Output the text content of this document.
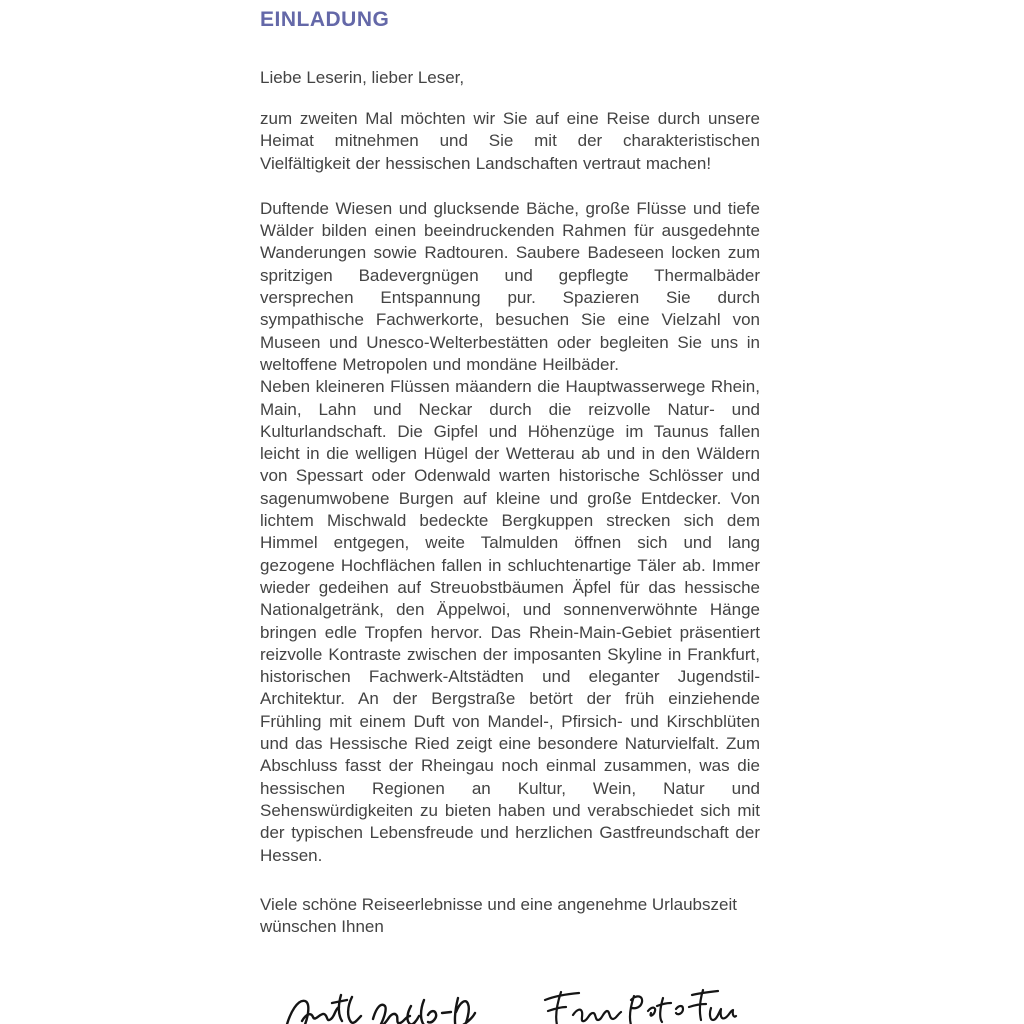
EINLADUNG

Liebe Leserin, lieber Leser,

zum zweiten Mal möchten wir Sie auf eine Reise durch unsere Heimat mitnehmen und Sie mit der charakteristischen Vielfältigkeit der hessischen Landschaften vertraut machen!

Duftende Wiesen und glucksende Bäche, große Flüsse und tiefe Wälder bilden einen beeindruckenden Rahmen für ausgedehnte Wanderungen sowie Radtouren. Saubere Badeseen locken zum spritzigen Badevergnügen und gepflegte Thermalbäder versprechen Entspannung pur. Spazieren Sie durch sympathische Fachwerkorte, besuchen Sie eine Vielzahl von Museen und Unesco-Welterbestätten oder begleiten Sie uns in weltoffene Metropolen und mondäne Heilbäder.

Neben kleineren Flüssen mäandern die Hauptwasserwege Rhein, Main, Lahn und Neckar durch die reizvolle Natur- und Kulturlandschaft. Die Gipfel und Höhenzüge im Taunus fallen leicht in die welligen Hügel der Wetterau ab und in den Wäldern von Spessart oder Odenwald warten historische Schlösser und sagenumwobene Burgen auf kleine und große Entdecker. Von lichtem Mischwald bedeckte Bergkuppen strecken sich dem Himmel entgegen, weite Talmulden öffnen sich und lang gezogene Hochflächen fallen in schluchtenartige Täler ab. Immer wieder gedeihen auf Streuobstbäumen Äpfel für das hessische Nationalgetränk, den Äppelwoi, und sonnenverwöhnte Hänge bringen edle Tropfen hervor. Das Rhein-Main-Gebiet präsentiert reizvolle Kontraste zwischen der imposanten Skyline in Frankfurt, historischen Fachwerk-Altstädten und eleganter Jugendstil-Architektur. An der Bergstraße betört der früh einziehende Frühling mit einem Duft von Mandel-, Pfirsich- und Kirschblüten und das Hessische Ried zeigt eine besondere Naturvielfalt. Zum Abschluss fasst der Rheingau noch einmal zusammen, was die hessischen Regionen an Kultur, Wein, Natur und Sehenswürdigkeiten zu bieten haben und verabschiedet sich mit der typischen Lebensfreude und herzlichen Gastfreundschaft der Hessen.

Viele schöne Reiseerlebnisse und eine angenehme Urlaubszeit wünschen Ihnen
